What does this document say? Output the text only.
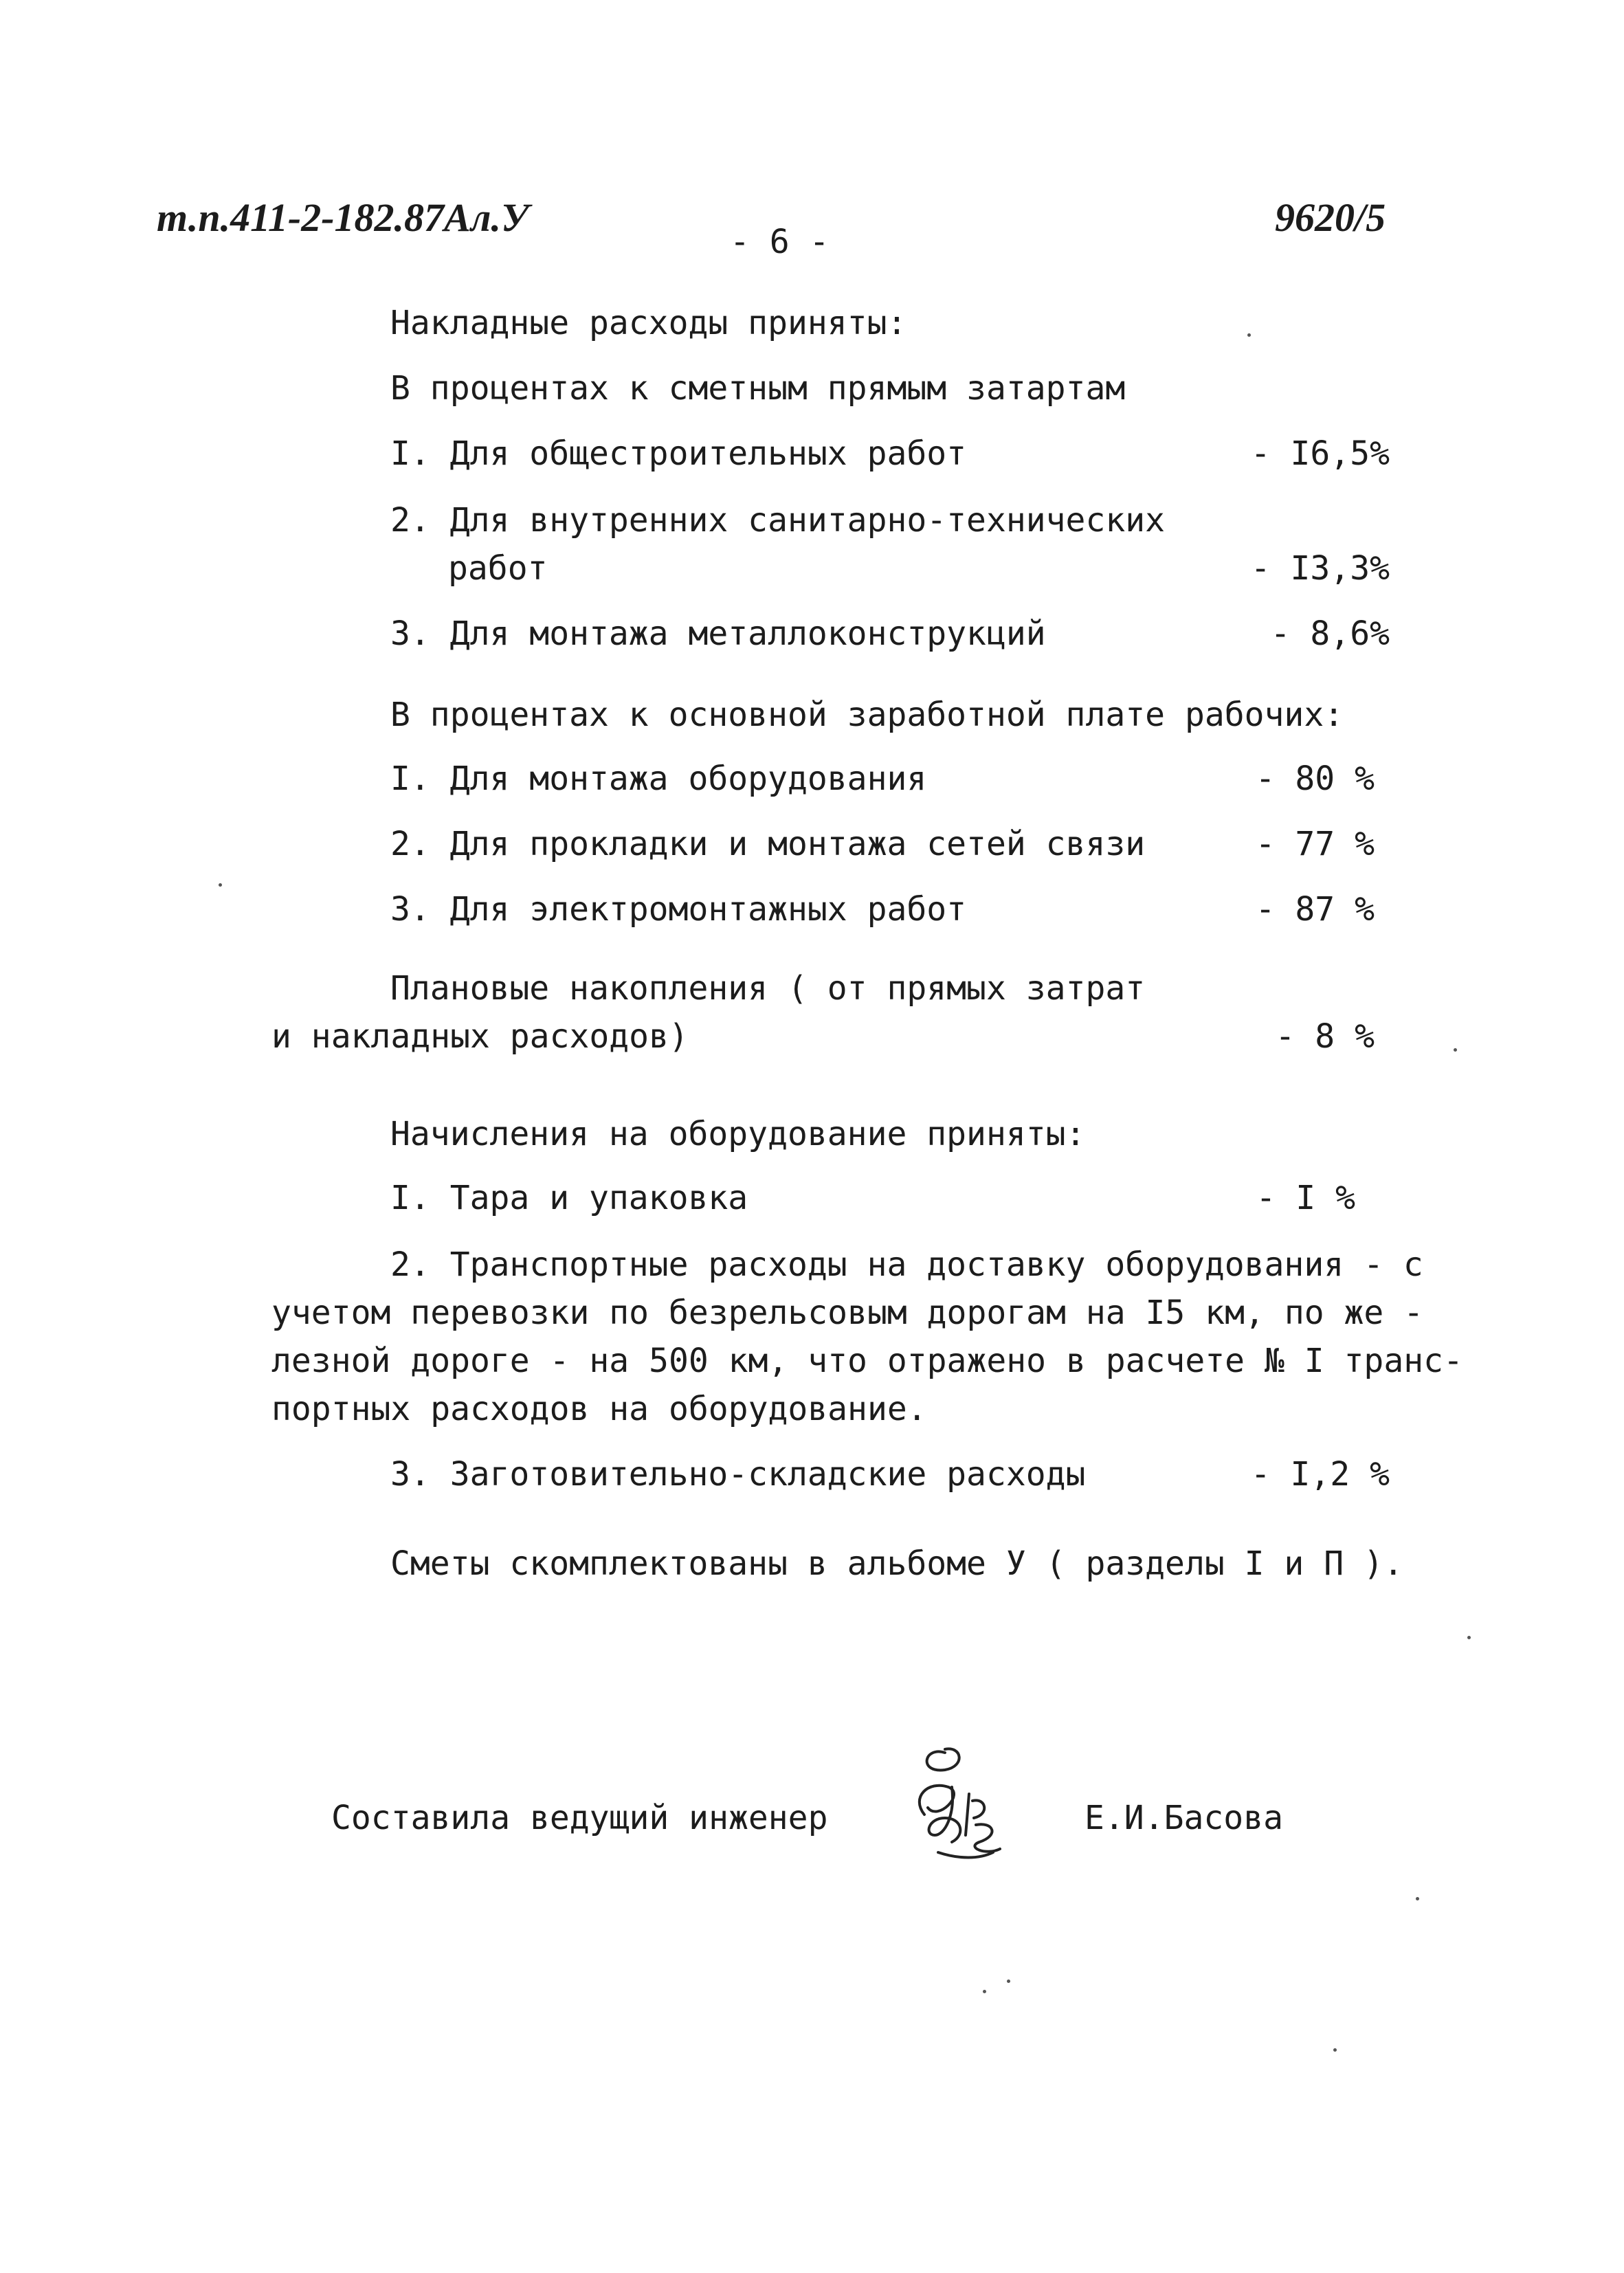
т.п.411-2-182.87Ал.У
- 6 -
9620/5
Накладные расходы приняты:
В процентах к сметным прямым затартам
I. Для общестроительных работ	- I6,5%
2. Для внутренних санитарно-технических
работ	- I3,3%
3. Для монтажа металлоконструкций	- 8,6%
В процентах к основной заработной плате рабочих:
I. Для монтажа оборудования	- 80 %
2. Для прокладки и монтажа сетей связи	- 77 %
3. Для электромонтажных работ	- 87 %
Плановые накопления ( от прямых затрат
и накладных расходов)	- 8 %
Начисления на оборудование приняты:
I. Тара и упаковка	- I %
2. Транспортные расходы на доставку оборудования - с
учетом перевозки по безрельсовым дорогам на I5 км, по же -
лезной дороге - на 500 км, что отражено в расчете № I транс-
портных расходов на оборудование.
3. Заготовительно-складские расходы	- I,2 %
Сметы скомплектованы в альбоме У ( разделы I и П ).
Составила ведущий инженер	Е.И.Басова
